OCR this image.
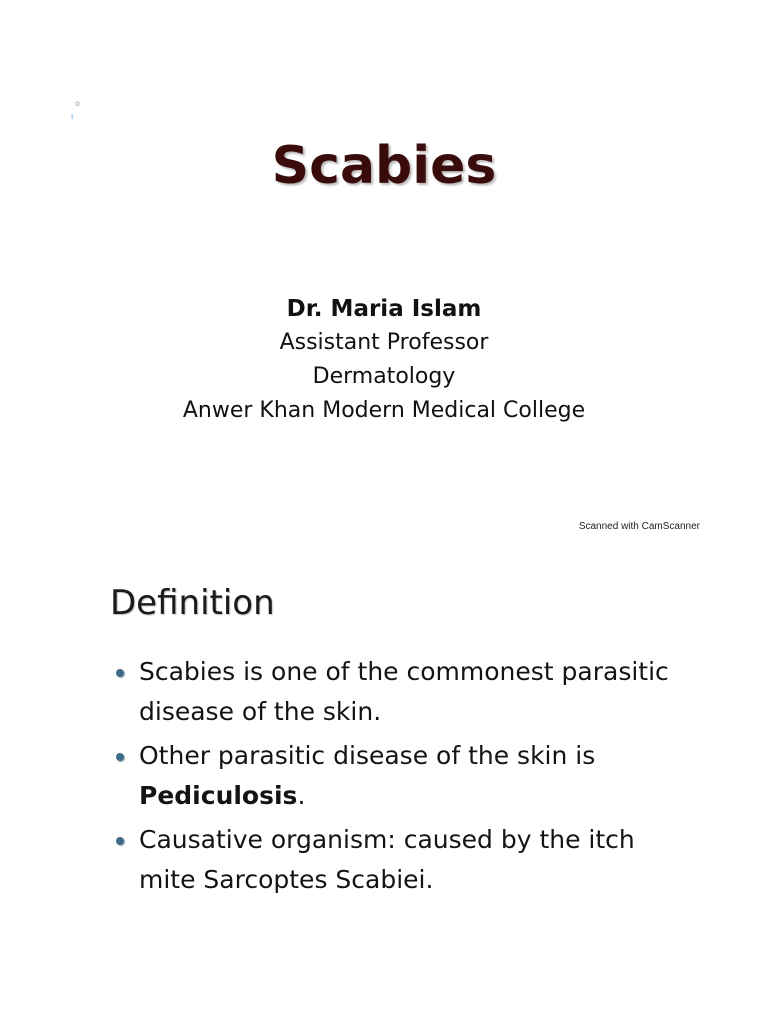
o
ı
Scabies
Dr. Maria Islam
Assistant Professor
Dermatology
Anwer Khan Modern Medical College
Scanned with CamScanner
Definition
Scabies is one of the commonest parasitic
disease of the skin.
Other parasitic disease of the skin is
Pediculosis.
Causative organism: caused by the itch
mite Sarcoptes Scabiei.
